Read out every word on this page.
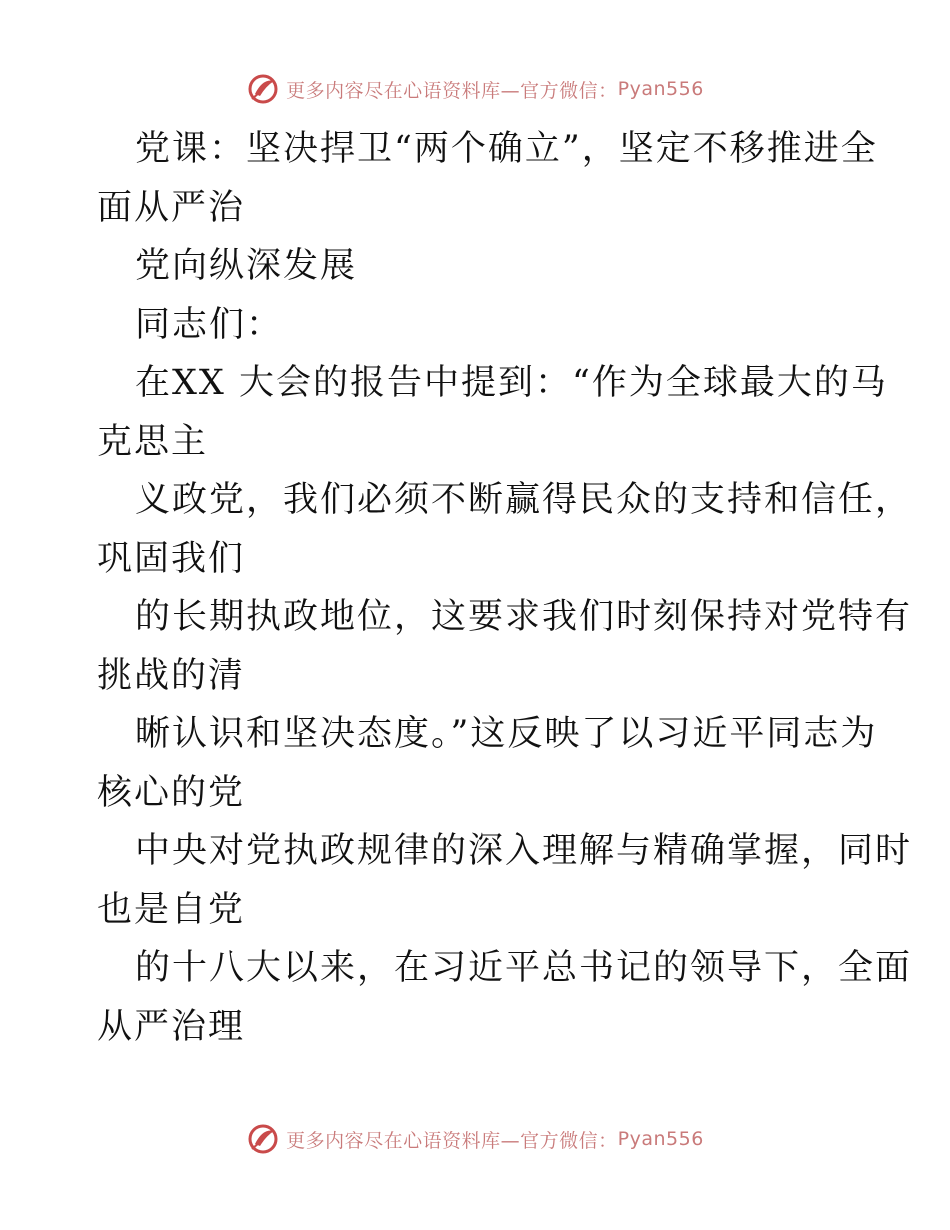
更多内容尽在心语资料库—官方微信： Pyan556

党课：坚决捍卫“两个确立”，坚定不移推进全

面从严治

党向纵深发展

同志们：

在XX 大会的报告中提到：“作为全球最大的马

克思主

义政党，我们必须不断赢得民众的支持和信任，

巩固我们

的长期执政地位，这要求我们时刻保持对党特有

挑战的清

晰认识和坚决态度。”这反映了以习近平同志为

核心的党

中央对党执政规律的深入理解与精确掌握，同时

也是自党

的十八大以来，在习近平总书记的领导下，全面

从严治理

更多内容尽在心语资料库—官方微信： Pyan556
